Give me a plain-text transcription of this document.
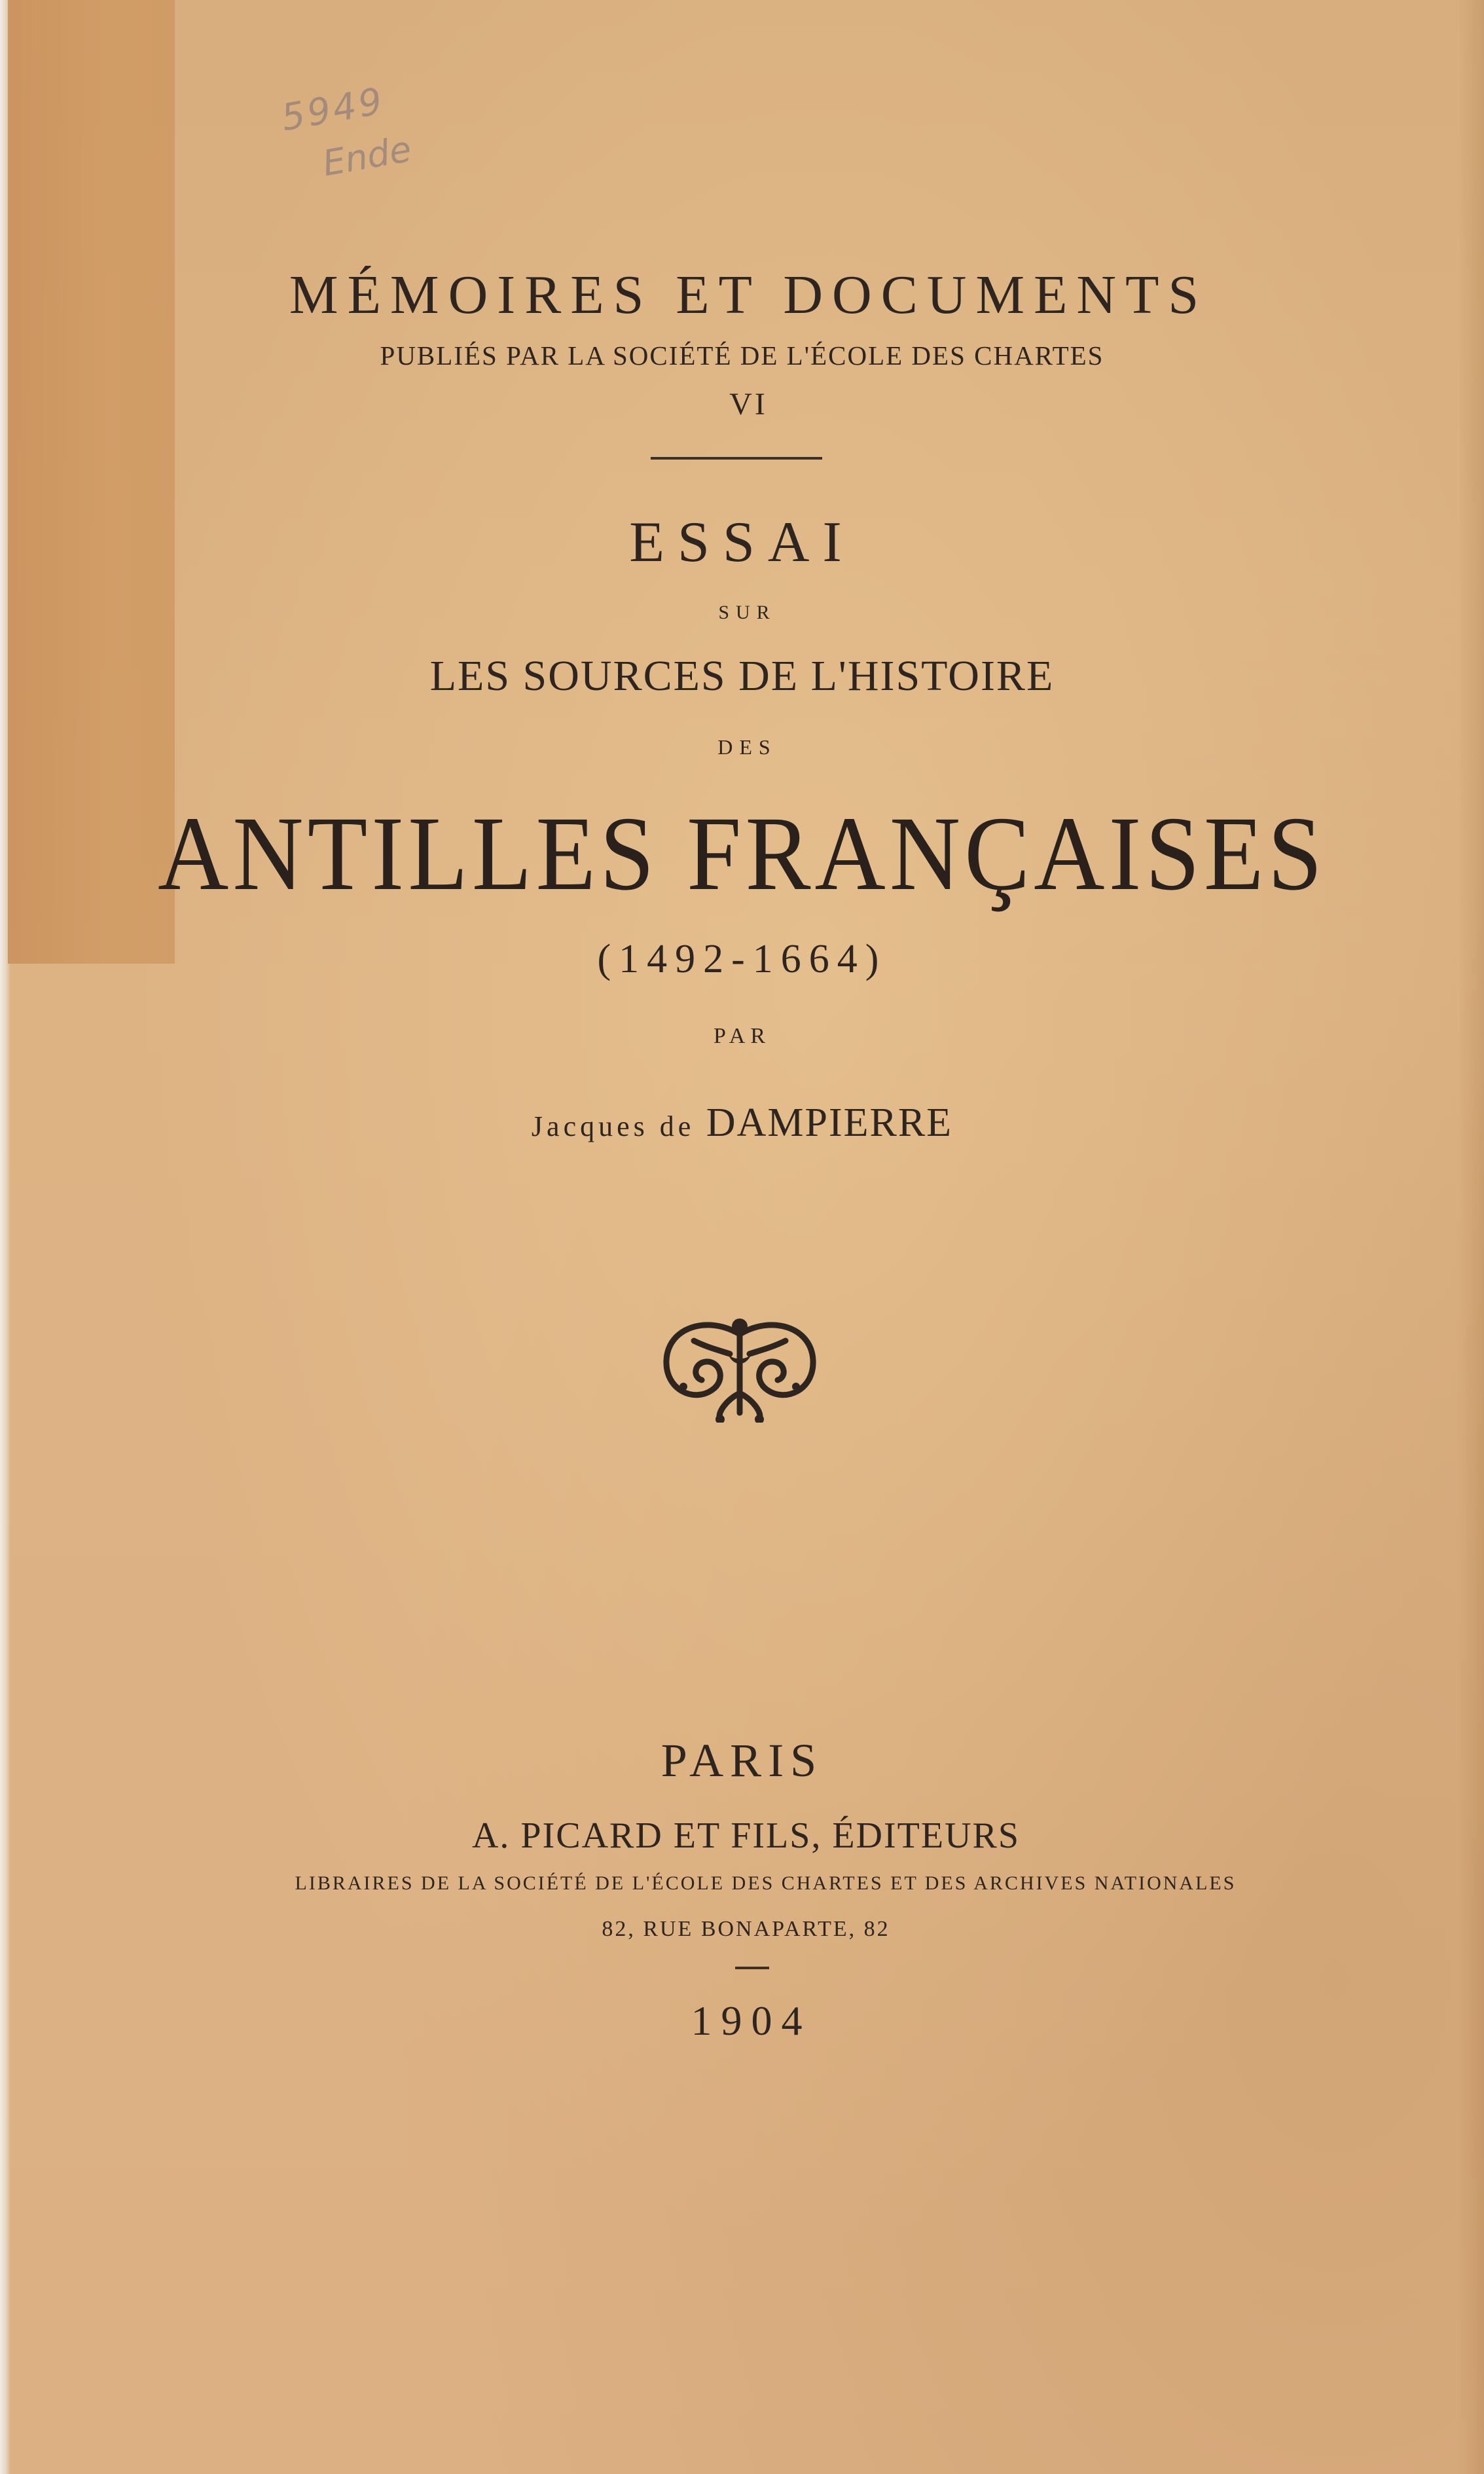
5949
Ende
MÉMOIRES ET DOCUMENTS
PUBLIÉS PAR LA SOCIÉTÉ DE L'ÉCOLE DES CHARTES
VI
ESSAI
SUR
LES SOURCES DE L'HISTOIRE
DES
ANTILLES FRANÇAISES
(1492-1664)
PAR
Jacques de DAMPIERRE
PARIS
A. PICARD ET FILS, ÉDITEURS
LIBRAIRES DE LA SOCIÉTÉ DE L'ÉCOLE DES CHARTES ET DES ARCHIVES NATIONALES
82, RUE BONAPARTE, 82
1904
